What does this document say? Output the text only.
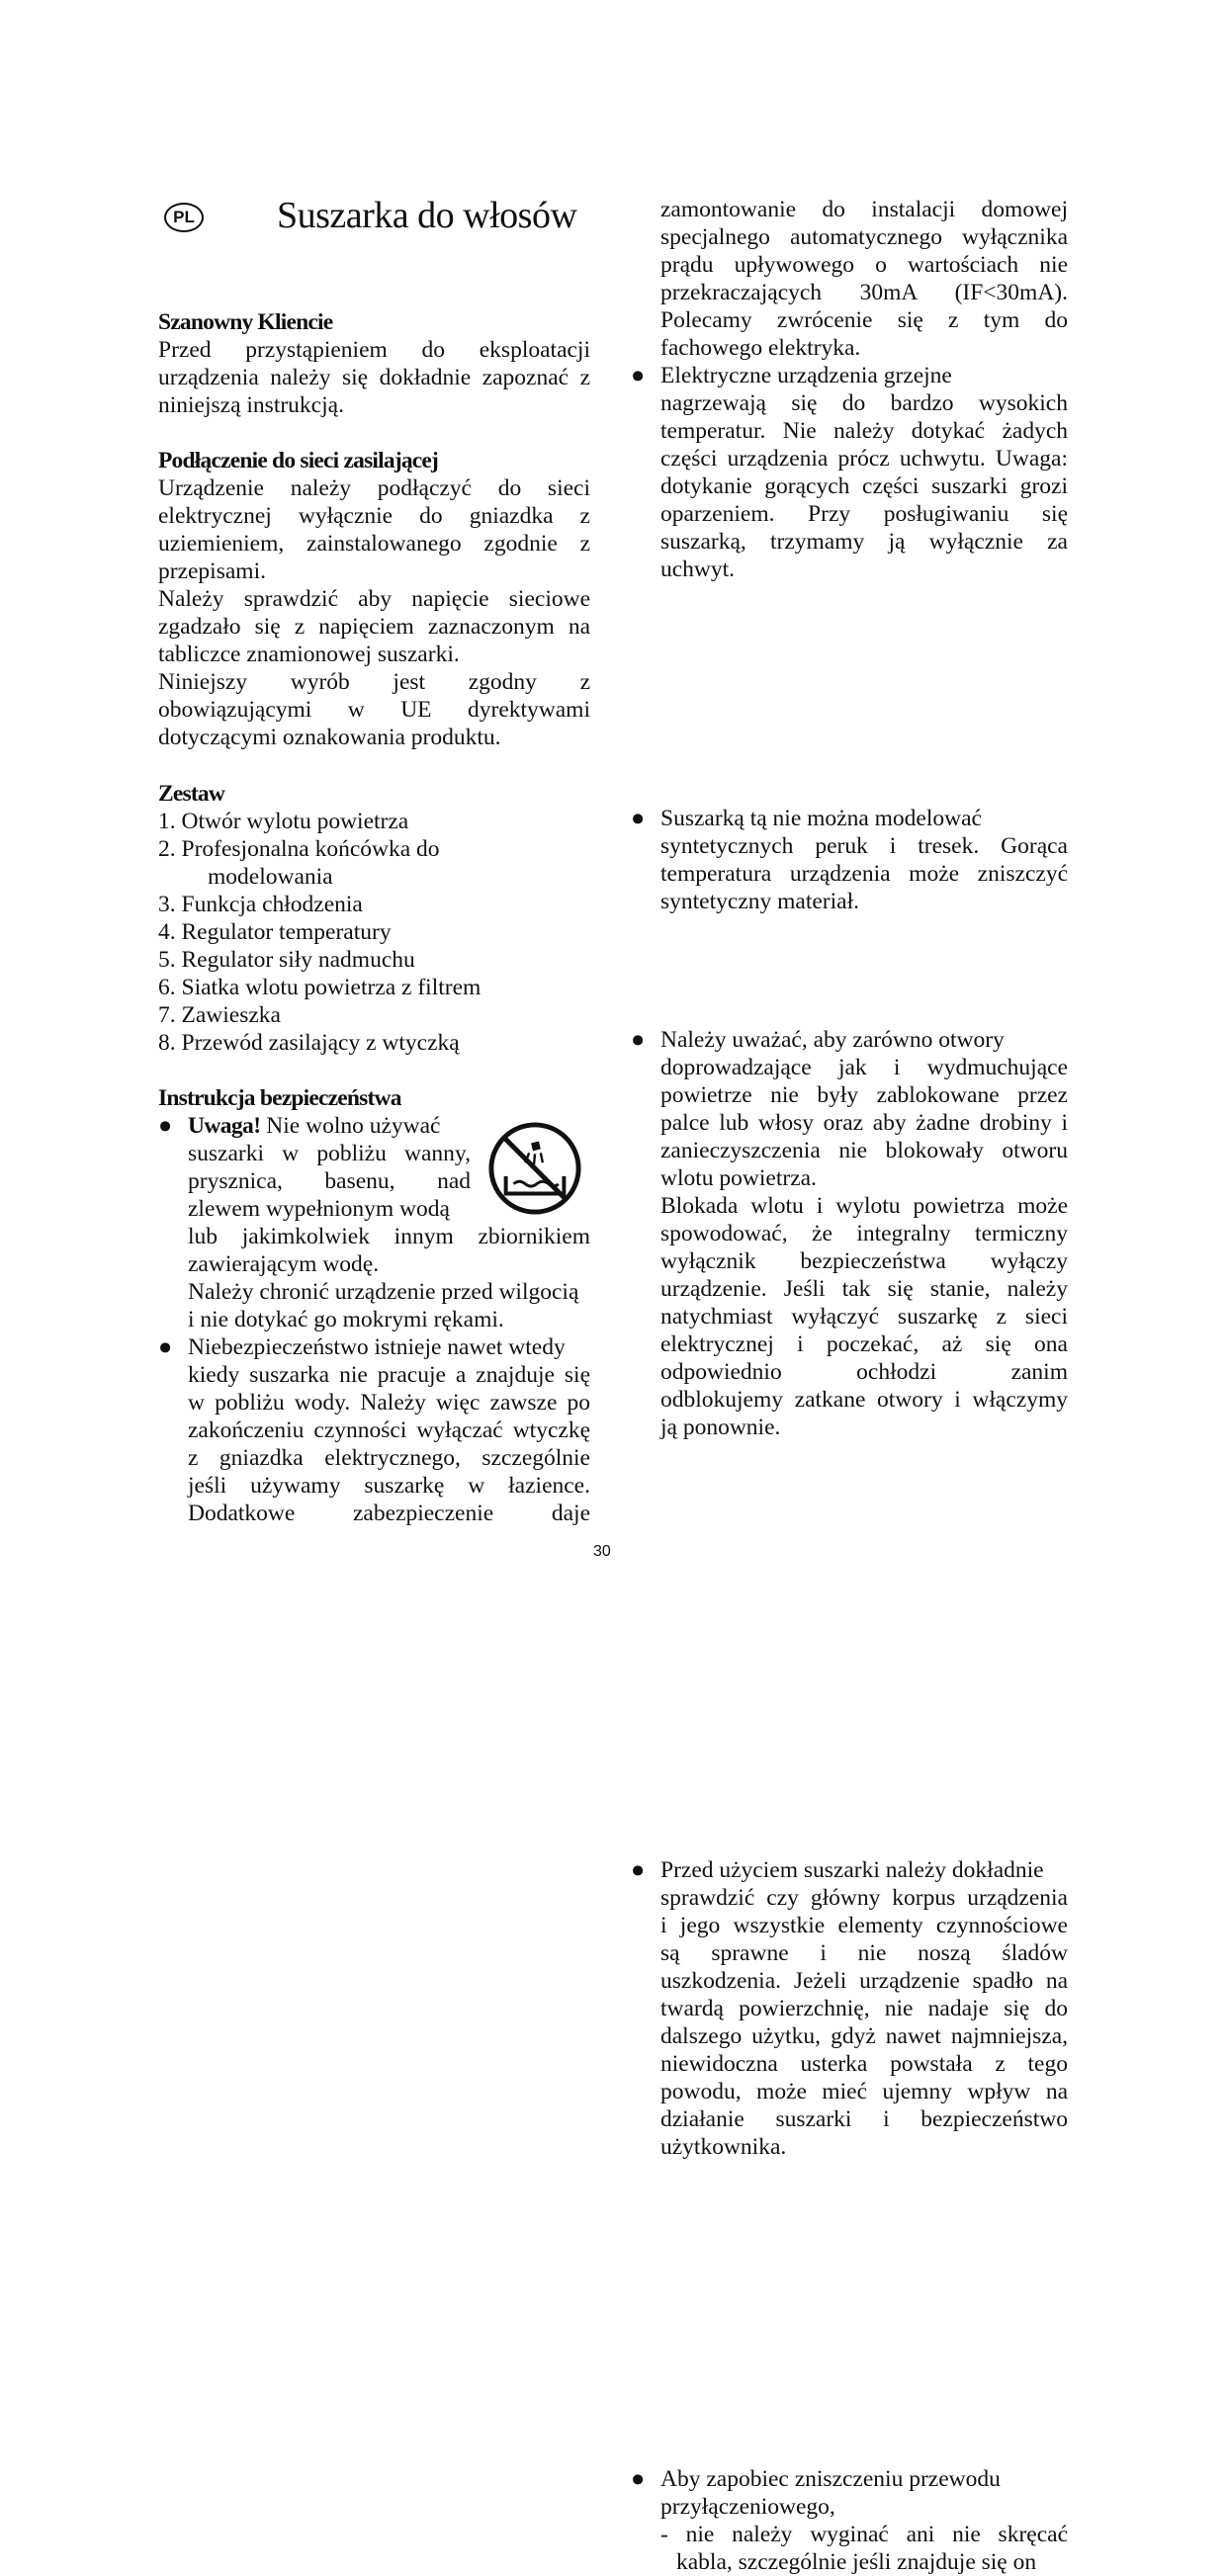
PL Suszarka do włosów
Szanowny Kliencie
Przed przystąpieniem do eksploatacji
urządzenia należy się dokładnie zapoznać z
niniejszą instrukcją.
Podłączenie do sieci zasilającej
Urządzenie należy podłączyć do sieci
elektrycznej wyłącznie do gniazdka z
uziemieniem, zainstalowanego zgodnie z
przepisami.
Należy sprawdzić aby napięcie sieciowe
zgadzało się z napięciem zaznaczonym na
tabliczce znamionowej suszarki.
Niniejszy wyrób jest zgodny z
obowiązującymi w UE dyrektywami
dotyczącymi oznakowania produktu.
Zestaw
1. Otwór wylotu powietrza
2. Profesjonalna końcówka do
modelowania
3. Funkcja chłodzenia
4. Regulator temperatury
5. Regulator siły nadmuchu
6. Siatka wlotu powietrza z filtrem
7. Zawieszka
8. Przewód zasilający z wtyczką
Instrukcja bezpieczeństwa
● Uwaga! Nie wolno używać
suszarki w pobliżu wanny,
prysznica, basenu, nad
zlewem wypełnionym wodą
lub jakimkolwiek innym zbiornikiem
zawierającym wodę.
Należy chronić urządzenie przed wilgocią
i nie dotykać go mokrymi rękami.
● Niebezpieczeństwo istnieje nawet wtedy
kiedy suszarka nie pracuje a znajduje się
w pobliżu wody. Należy więc zawsze po
zakończeniu czynności wyłączać wtyczkę
z gniazdka elektrycznego, szczególnie
jeśli używamy suszarkę w łazience.
Dodatkowe zabezpieczenie daje
zamontowanie do instalacji domowej
specjalnego automatycznego wyłącznika
prądu upływowego o wartościach nie
przekraczających 30mA (IF<30mA).
Polecamy zwrócenie się z tym do
fachowego elektryka.
● Elektryczne urządzenia grzejne
nagrzewają się do bardzo wysokich
temperatur. Nie należy dotykać żadych
części urządzenia prócz uchwytu. Uwaga:
dotykanie gorących części suszarki grozi
oparzeniem. Przy posługiwaniu się
suszarką, trzymamy ją wyłącznie za
uchwyt.
● Suszarką tą nie można modelować
syntetycznych peruk i tresek. Gorąca
temperatura urządzenia może zniszczyć
syntetyczny materiał.
● Należy uważać, aby zarówno otwory
doprowadzające jak i wydmuchujące
powietrze nie były zablokowane przez
palce lub włosy oraz aby żadne drobiny i
zanieczyszczenia nie blokowały otworu
wlotu powietrza.
Blokada wlotu i wylotu powietrza może
spowodować, że integralny termiczny
wyłącznik bezpieczeństwa wyłączy
urządzenie. Jeśli tak się stanie, należy
natychmiast wyłączyć suszarkę z sieci
elektrycznej i poczekać, aż się ona
odpowiednio ochłodzi zanim
odblokujemy zatkane otwory i włączymy
ją ponownie.
● Przed użyciem suszarki należy dokładnie
sprawdzić czy główny korpus urządzenia
i jego wszystkie elementy czynnościowe
są sprawne i nie noszą śladów
uszkodzenia. Jeżeli urządzenie spadło na
twardą powierzchnię, nie nadaje się do
dalszego użytku, gdyż nawet najmniejsza,
niewidoczna usterka powstała z tego
powodu, może mieć ujemny wpływ na
działanie suszarki i bezpieczeństwo
użytkownika.
● Aby zapobiec zniszczeniu przewodu
przyłączeniowego,
- nie należy wyginać ani nie skręcać
kabla, szczególnie jeśli znajduje się on
30
